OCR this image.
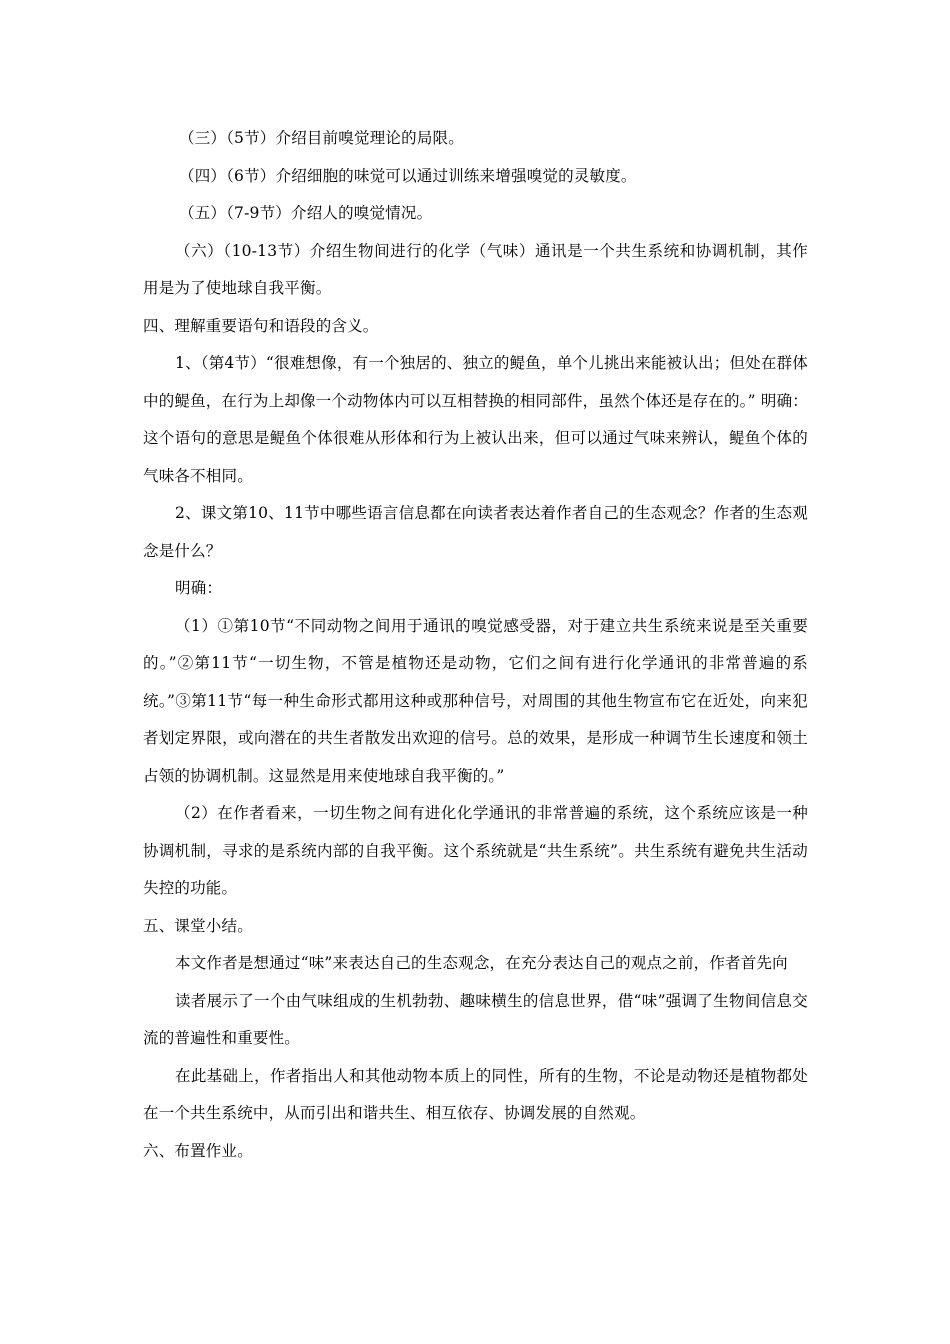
（三）（5节）介绍目前嗅觉理论的局限。

（四）（6节）介绍细胞的味觉可以通过训练来增强嗅觉的灵敏度。

（五）（7-9节）介绍人的嗅觉情况。

（六）（10-13节）介绍生物间进行的化学（气味）通讯是一个共生系统和协调机制，其作用是为了使地球自我平衡。

四、理解重要语句和语段的含义。

1、（第4节）“很难想像，有一个独居的、独立的鳀鱼，单个儿挑出来能被认出；但处在群体中的鳀鱼，在行为上却像一个动物体内可以互相替换的相同部件，虽然个体还是存在的。” 明确：这个语句的意思是鳀鱼个体很难从形体和行为上被认出来，但可以通过气味来辨认，鳀鱼个体的气味各不相同。

2、课文第10、11节中哪些语言信息都在向读者表达着作者自己的生态观念？作者的生态观念是什么？

明确：

（1）①第10节“不同动物之间用于通讯的嗅觉感受器，对于建立共生系统来说是至关重要的。”②第11节“一切生物，不管是植物还是动物，它们之间有进行化学通讯的非常普遍的系统。”③第11节“每一种生命形式都用这种或那种信号，对周围的其他生物宣布它在近处，向来犯者划定界限，或向潜在的共生者散发出欢迎的信号。总的效果，是形成一种调节生长速度和领土占领的协调机制。这显然是用来使地球自我平衡的。”

（2）在作者看来，一切生物之间有进化化学通讯的非常普遍的系统，这个系统应该是一种协调机制，寻求的是系统内部的自我平衡。这个系统就是“共生系统”。共生系统有避免共生活动失控的功能。

五、课堂小结。

本文作者是想通过“味”来表达自己的生态观念，在充分表达自己的观点之前，作者首先向

读者展示了一个由气味组成的生机勃勃、趣味横生的信息世界，借“味”强调了生物间信息交流的普遍性和重要性。

在此基础上，作者指出人和其他动物本质上的同性，所有的生物，不论是动物还是植物都处在一个共生系统中，从而引出和谐共生、相互依存、协调发展的自然观。

六、布置作业。
